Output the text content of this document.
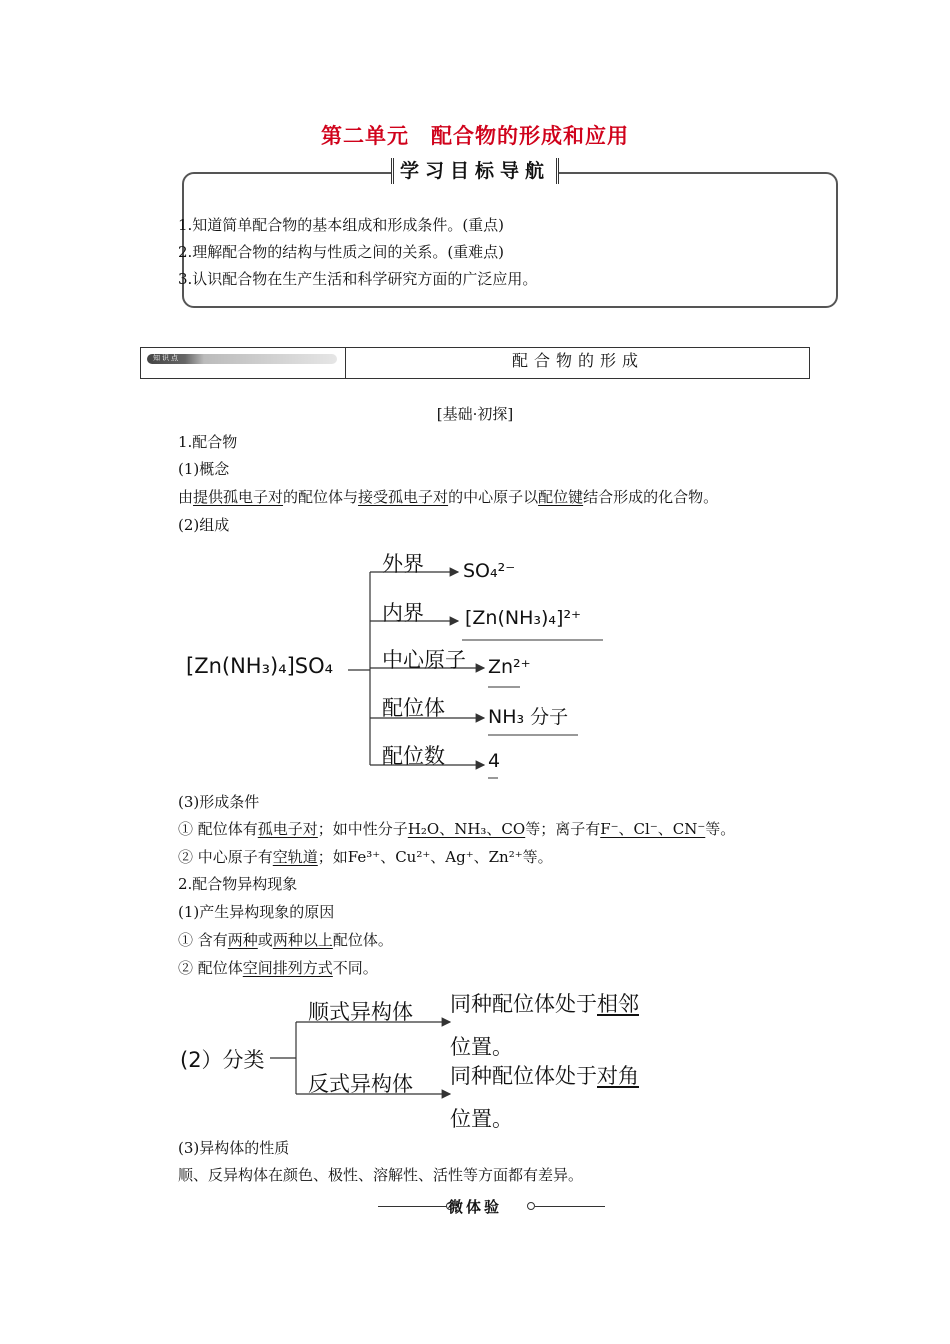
第二单元　配合物的形成和应用
学习目标导航
1.知道简单配合物的基本组成和形成条件。(重点)
2.理解配合物的结构与性质之间的关系。(重难点)
3.认识配合物在生产生活和科学研究方面的广泛应用。
知识点	配合物的形成
[基础·初探]
1.配合物
(1)概念
由提供孤电子对的配位体与接受孤电子对的中心原子以配位键结合形成的化合物。
(2)组成
[Zn(NH₃)₄]SO₄
外界
内界
中心原子
配位体
配位数
SO₄²⁻
[Zn(NH₃)₄]²⁺
Zn²⁺
NH₃ 分子
4
(3)形成条件
① 配位体有孤电子对；如中性分子H₂O、NH₃、CO等；离子有F⁻、Cl⁻、CN⁻等。
② 中心原子有空轨道；如Fe³⁺、Cu²⁺、Ag⁺、Zn²⁺等。
2.配合物异构现象
(1)产生异构现象的原因
① 含有两种或两种以上配位体。
② 配位体空间排列方式不同。
(2）分类
顺式异构体
反式异构体
同种配位体处于相邻
位置。
同种配位体处于对角
位置。
(3)异构体的性质
顺、反异构体在颜色、极性、溶解性、活性等方面都有差异。
微体验
